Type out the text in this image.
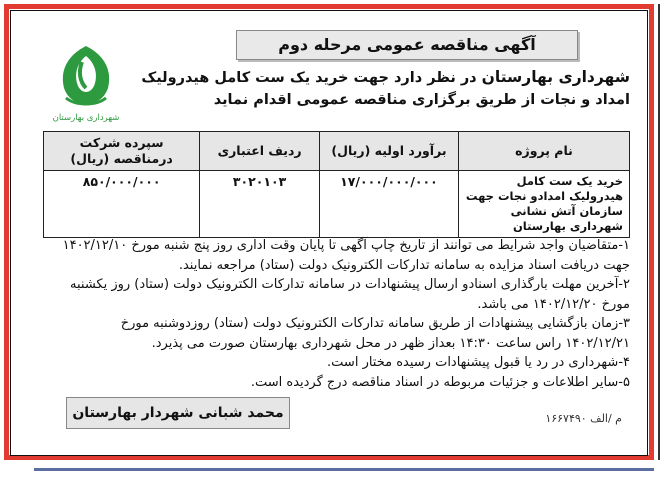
آگهی مناقصه عمومی مرحله دوم
شهرداری بهارستان
شهرداری بهارستان در نظر دارد جهت خرید یک ست کامل هیدرولیک امداد و نجات از طریق برگزاری مناقصه عمومی اقدام نماید
نام پروژه	برآورد اولیه (ریال)	ردیف اعتباری	سپرده شرکت درمناقصه (ریال)
خرید یک ست کامل هیدرولیک امدادو نجات جهت سازمان آتش نشانی شهرداری بهارستان	۱۷/۰۰۰/۰۰۰/۰۰۰	۳۰۲۰۱۰۳	۸۵۰/۰۰۰/۰۰۰

۱-متقاضیان واجد شرایط می توانند از تاریخ چاپ آگهی تا پایان وقت اداری روز پنج شنبه مورخ ۱۴۰۲/۱۲/۱۰ جهت دریافت اسناد مزایده به سامانه تدارکات الکترونیک دولت (ستاد) مراجعه نمایند.

۲-آخرین مهلت بارگذاری اسنادو ارسال پیشنهادات در سامانه تدارکات الکترونیک دولت (ستاد) روز یکشنبه مورخ ۱۴۰۲/۱۲/۲۰ می باشد.

۳-زمان بازگشایی پیشنهادات از طریق سامانه تدارکات الکترونیک دولت (ستاد) روزدوشنبه مورخ ۱۴۰۲/۱۲/۲۱ راس ساعت ۱۴:۳۰ بعداز ظهر در محل شهرداری بهارستان صورت می پذیرد.

۴-شهرداری در رد یا قبول پیشنهادات رسیده مختار است.

۵-سایر اطلاعات و جزئیات مربوطه در اسناد مناقصه درج گردیده است.

محمد شبانی شهردار بهارستان	م /الف ۱۶۶۷۴۹۰
